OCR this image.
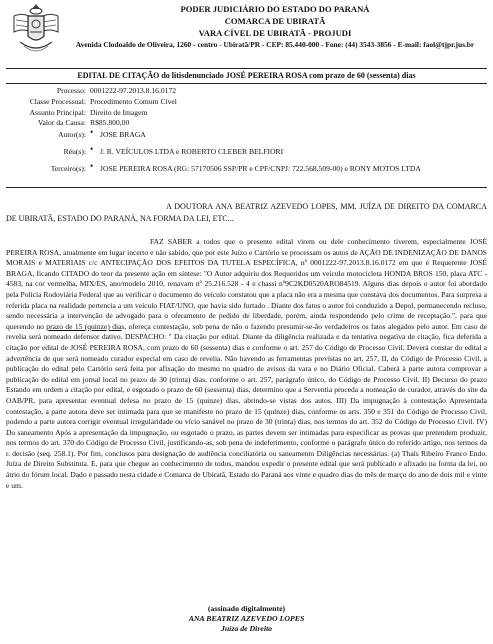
PODER JUDICIÁRIO DO ESTADO DO PARANÁ
COMARCA DE UBIRATÃ
VARA CÍVEL DE UBIRATÃ - PROJUDI
Avenida Clodoaldo de Oliveira, 1260 - centro - Ubiratã/PR - CEP: 85.440-000 - Fone: (44) 3543-3856 - E-mail: faol@tjpr.jus.br
EDITAL DE CITAÇÃO do litisdenunciado JOSÉ PEREIRA ROSA com prazo de 60 (sessenta) dias
Processo: 0001222-97.2013.8.16.0172
Classe Processual: Procedimento Comum Cível
Assunto Principal: Direito de Imagem
Valor da Causa: R$85.800,00
Autor(s): • JOSE BRAGA
Réu(s): • J. R. VEÍCULOS LTDA e ROBERTO CLEBER BELFIORI
Terceiro(s): • JOSE PEREIRA ROSA (RG: 57170506 SSP/PR e CPF/CNPJ: 722.568.509-00) e RONY MOTOS LTDA
A DOUTORA ANA BEATRIZ AZEVEDO LOPES, MM. JUÍZA DE DIREITO DA COMARCA DE UBIRATÃ, ESTADO DO PARANÁ, NA FORMA DA LEI, ETC...
FAZ SABER a todos que o presente edital virem ou dele conhecimento tiverem, especialmente JOSÉ PEREIRA ROSA, atualmente em lugar incerto e não sabido, que por este Juízo e Cartório se processam os autos de AÇÃO DE INDENIZAÇÃO DE DANOS MORAIS e MATERIAIS c/c ANTECIPAÇÃO DOS EFEITOS DA TUTELA ESPECÍFICA, nº 0001222-97.2013.8.16.0172 em que é Requerente JOSÉ BRAGA, ficando CITADO do teor da presente ação em síntese: "O Autor adquiriu dos Requeridos um veículo motocicleta HONDA BROS 150, placa ATC - 4583, na cor vermelha, MIX/ES, ano/modelo 2010, renavam nº 25.216.528 - 4 e chassi nº9C2KD0520ARO84519. Alguns dias depois o autor foi abordado pela Policia Rodoviária Federal que ao verificar o documento do veículo constatou que a placa não era a mesma que constava dos documentos. Para surpresa a referida placa na realidade pertencia a um veículo FIAT/UNO, que havia sido furtado . Diante dos fatos o autor foi conduzido a Depol, permanecendo recluso, sendo necessária a intervenção de advogado para o oferamento de pedido de liberdade, porém, ainda respondendo pelo crime de receptação.", para que querendo no prazo de 15 (quinze) dias, ofereça contestação, sob pena de não o fazendo presumir-se-ão verdadeiros os fatos alegados pelo autor. Em caso de revelia será nomeado defensor dativo. DESPACHO: " Da citação por edital. Diante da diligência realizada e da tentativa negativa de citação, fica deferida a citação por edital de JOSÉ PEREIRA ROSA, com prazo de 60 (sessenta) dias e conforme o art. 257 do Código de Processo Civil. Deverá constar do edital a advertência de que será nomeado curador especial em caso de revelia. Não havendo as ferramentas previstas no art. 257, II, do Código de Processo Civil, a publicação do edital pelo Cartório será feita por afixação do mesmo no quadro de avisos da vara e no Diário Oficial. Caberá à parte autora comprovar a publicação do edital em jornal local no prazo de 30 (trinta) dias, conforme o art. 257, parágrafo único, do Código de Processo Civil. II) Decurso do prazo Estando em ordem a citação por edital, e esgotado o prazo de 60 (sessenta) dias, determino que a Serventia proceda a nomeação de curador, através do site da OAB/PR, para apresentar eventual defesa no prazo de 15 (quinze) dias, abrindo-se vistas dos autos. III) Da impugnação à contestação Apresentada contestação, a parte autora deve ser intimada para que se manifeste no prazo de 15 (quinze) dias, conforme os arts. 350 e 351 do Código de Processo Civil, podendo a parte autora corrigir eventual irregularidade ou vício sanável no prazo de 30 (trinta) dias, nos termos do art. 352 do Código de Processo Civil. IV) Do saneamento Após a apresentação da impugnação, ou esgotado o prazo, as partes devem ser intimadas para especificar as provas que pretendem produzir, nos termos do art. 370 do Código de Processo Civil, justificando-as, sob pena de indeferimento, conforme o parágrafo único do referido artigo, nos termos da r. decisão (seq. 258.1). Por fim, conclusos para designação de audiência conciliatória ou saneamento Diligências necessárias. (a) Thaís Ribeiro Franco Endo. Juíza de Direito Substituta. E, para que chegue ao conhecimento de todos, mandou expedir o presente edital que será publicado e afixado na forma da lei, no átrio do fórum local. Dado e passado nesta cidade e Comarca de Ubiratã, Estado do Paraná aos vinte e quadro dias do mês de março do ano de dois mil e vinte e um.
(assinado digitalmente)
ANA BEATRIZ AZEVEDO LOPES
Juíza de Direito
